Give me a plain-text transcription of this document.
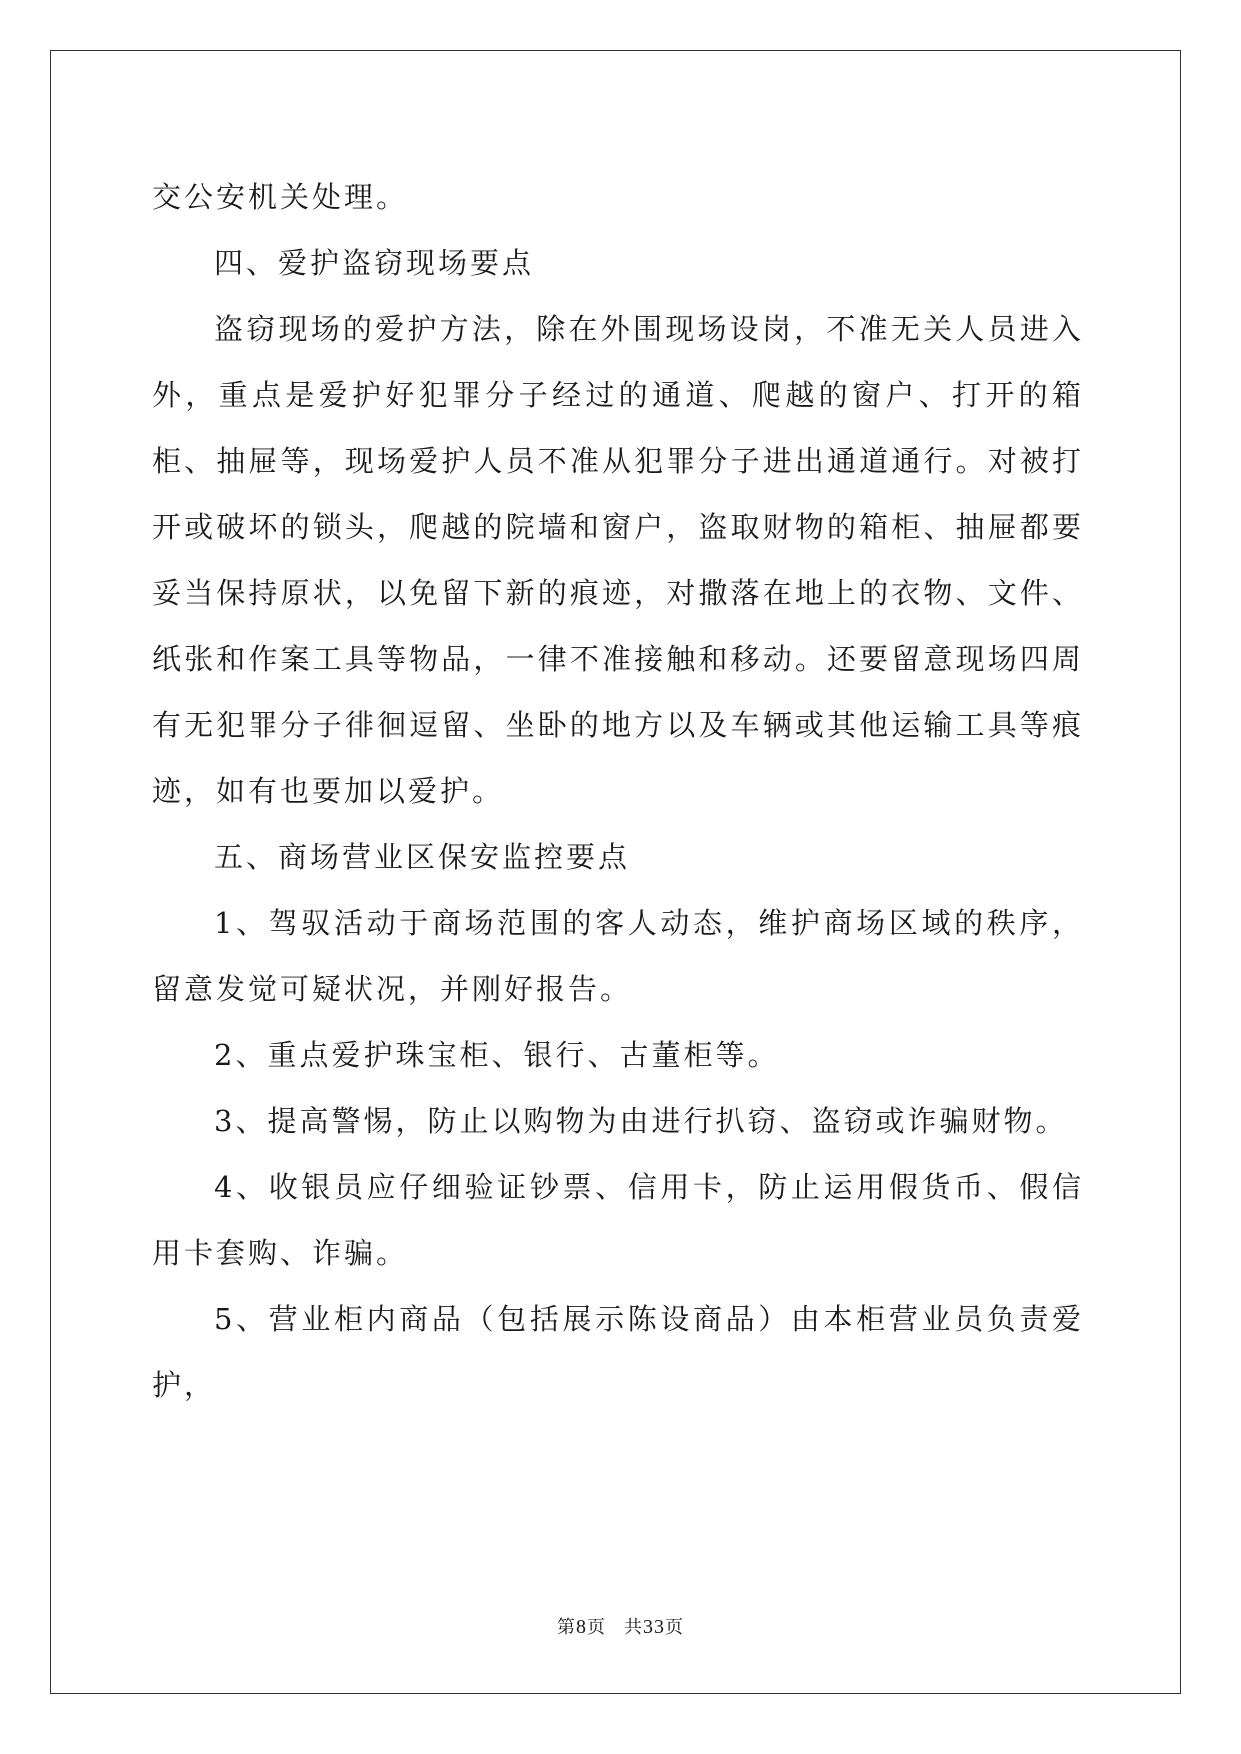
交公安机关处理。

四、爱护盗窃现场要点

盗窃现场的爱护方法，除在外围现场设岗，不准无关人员进入外，重点是爱护好犯罪分子经过的通道、爬越的窗户、打开的箱柜、抽屉等，现场爱护人员不准从犯罪分子进出通道通行。对被打开或破坏的锁头，爬越的院墙和窗户，盗取财物的箱柜、抽屉都要妥当保持原状，以免留下新的痕迹，对撒落在地上的衣物、文件、纸张和作案工具等物品，一律不准接触和移动。还要留意现场四周有无犯罪分子徘徊逗留、坐卧的地方以及车辆或其他运输工具等痕迹，如有也要加以爱护。

五、商场营业区保安监控要点

1、驾驭活动于商场范围的客人动态，维护商场区域的秩序，留意发觉可疑状况，并刚好报告。

2、重点爱护珠宝柜、银行、古董柜等。

3、提高警惕，防止以购物为由进行扒窃、盗窃或诈骗财物。

4、收银员应仔细验证钞票、信用卡，防止运用假货币、假信用卡套购、诈骗。

5、营业柜内商品（包括展示陈设商品）由本柜营业员负责爱护，

第8页 共33页
